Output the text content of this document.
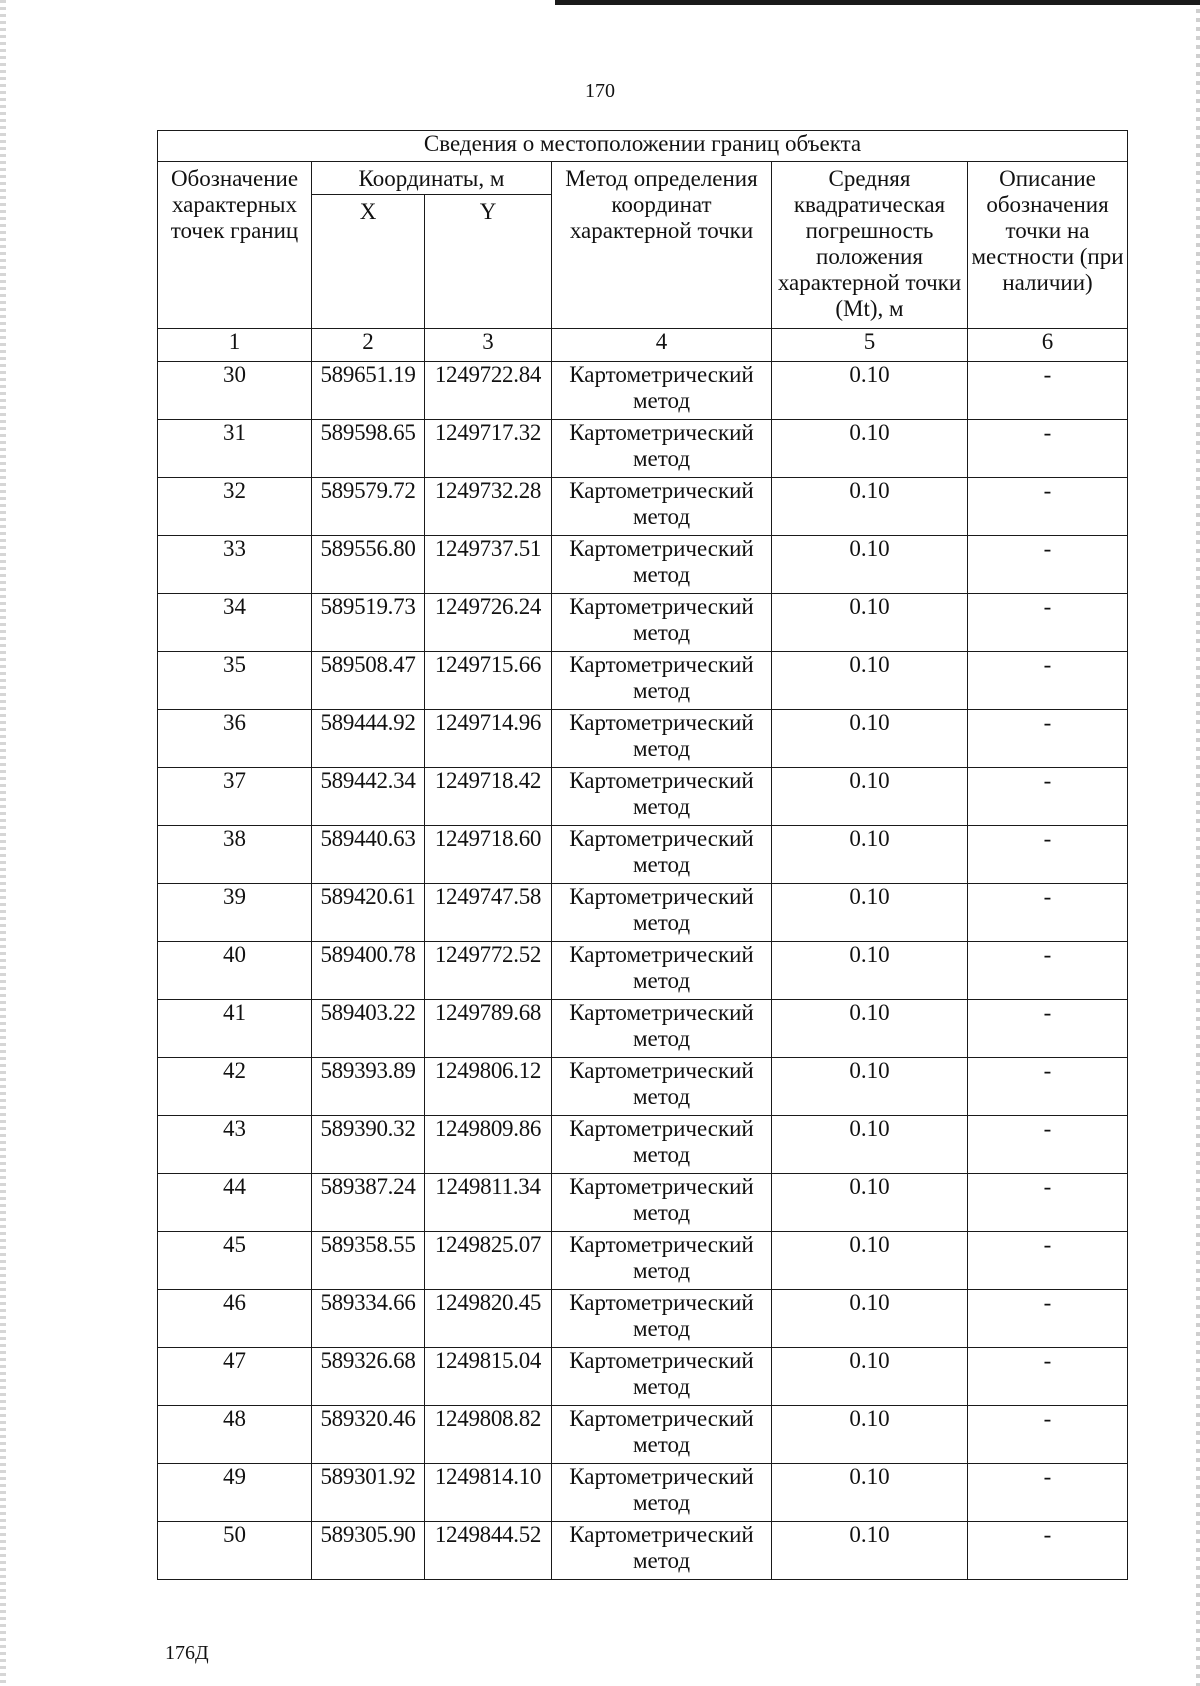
170
Сведения о местоположении границ объекта					
Обозначение характерных точек границ	Координаты, м		Метод определения координат характерной точки	Средняя квадратическая погрешность положения характерной точки (Mt), м	Описание обозначения точки на местности (при наличии)
	X	Y			
1	2	3	4	5	6
30	589651.19	1249722.84	Картометрический метод	0.10	-
31	589598.65	1249717.32	Картометрический метод	0.10	-
32	589579.72	1249732.28	Картометрический метод	0.10	-
33	589556.80	1249737.51	Картометрический метод	0.10	-
34	589519.73	1249726.24	Картометрический метод	0.10	-
35	589508.47	1249715.66	Картометрический метод	0.10	-
36	589444.92	1249714.96	Картометрический метод	0.10	-
37	589442.34	1249718.42	Картометрический метод	0.10	-
38	589440.63	1249718.60	Картометрический метод	0.10	-
39	589420.61	1249747.58	Картометрический метод	0.10	-
40	589400.78	1249772.52	Картометрический метод	0.10	-
41	589403.22	1249789.68	Картометрический метод	0.10	-
42	589393.89	1249806.12	Картометрический метод	0.10	-
43	589390.32	1249809.86	Картометрический метод	0.10	-
44	589387.24	1249811.34	Картометрический метод	0.10	-
45	589358.55	1249825.07	Картометрический метод	0.10	-
46	589334.66	1249820.45	Картометрический метод	0.10	-
47	589326.68	1249815.04	Картометрический метод	0.10	-
48	589320.46	1249808.82	Картометрический метод	0.10	-
49	589301.92	1249814.10	Картометрический метод	0.10	-
50	589305.90	1249844.52	Картометрический метод	0.10	-
176Д
